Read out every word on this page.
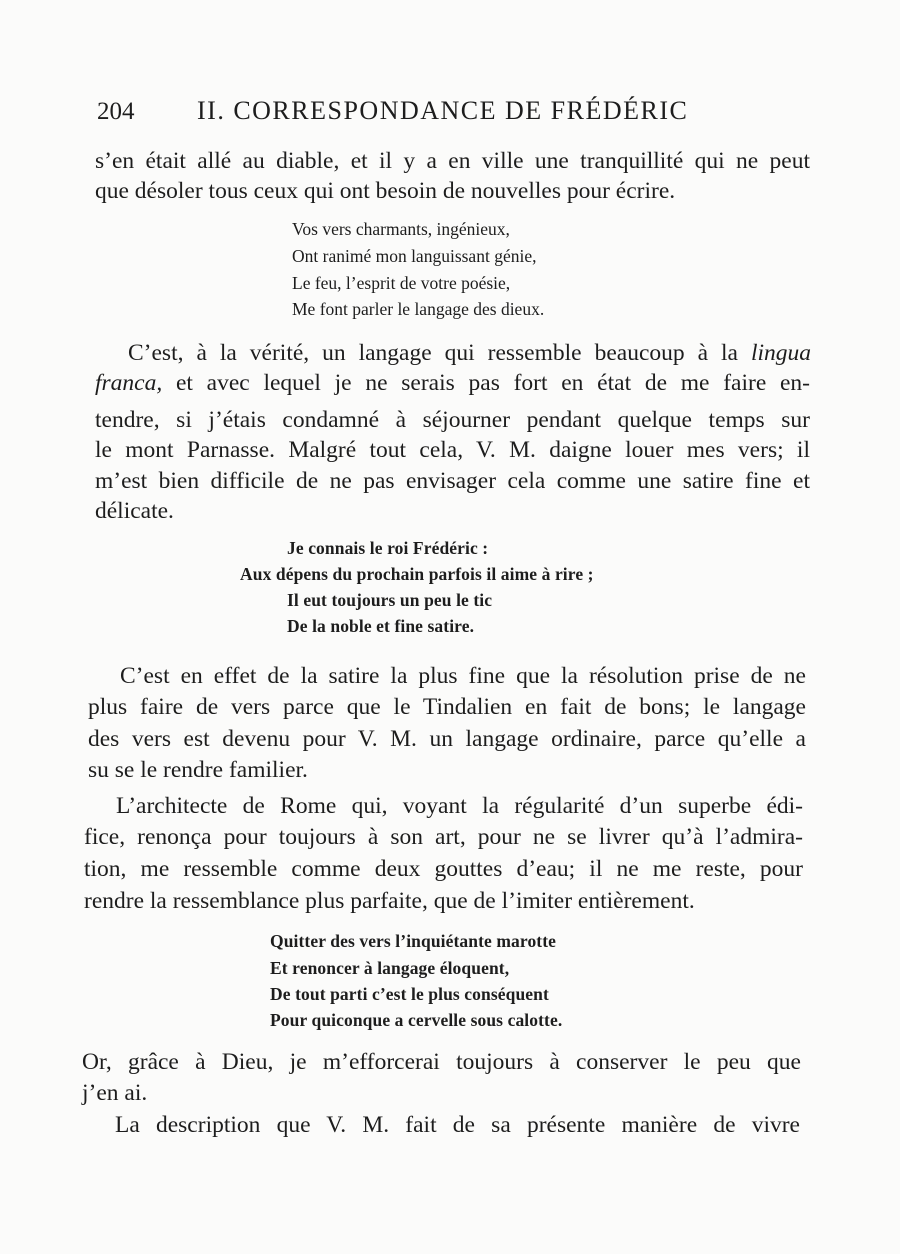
204 II. CORRESPONDANCE DE FRÉDÉRIC
s’en était allé au diable, et il y a en ville une tranquillité qui ne peut
que désoler tous ceux qui ont besoin de nouvelles pour écrire.
Vos vers charmants, ingénieux,
Ont ranimé mon languissant génie,
Le feu, l’esprit de votre poésie,
Me font parler le langage des dieux.
C’est, à la vérité, un langage qui ressemble beaucoup à la lingua
franca, et avec lequel je ne serais pas fort en état de me faire en-
tendre, si j’étais condamné à séjourner pendant quelque temps sur
le mont Parnasse. Malgré tout cela, V. M. daigne louer mes vers; il
m’est bien difficile de ne pas envisager cela comme une satire fine et
délicate.
Je connais le roi Frédéric :
Aux dépens du prochain parfois il aime à rire ;
Il eut toujours un peu le tic
De la noble et fine satire.
C’est en effet de la satire la plus fine que la résolution prise de ne
plus faire de vers parce que le Tindalien en fait de bons; le langage
des vers est devenu pour V. M. un langage ordinaire, parce qu’elle a
su se le rendre familier.
L’architecte de Rome qui, voyant la régularité d’un superbe édi-
fice, renonça pour toujours à son art, pour ne se livrer qu’à l’admira-
tion, me ressemble comme deux gouttes d’eau; il ne me reste, pour
rendre la ressemblance plus parfaite, que de l’imiter entièrement.
Quitter des vers l’inquiétante marotte
Et renoncer à langage éloquent,
De tout parti c’est le plus conséquent
Pour quiconque a cervelle sous calotte.
Or, grâce à Dieu, je m’efforcerai toujours à conserver le peu que
j’en ai.
La description que V. M. fait de sa présente manière de vivre
